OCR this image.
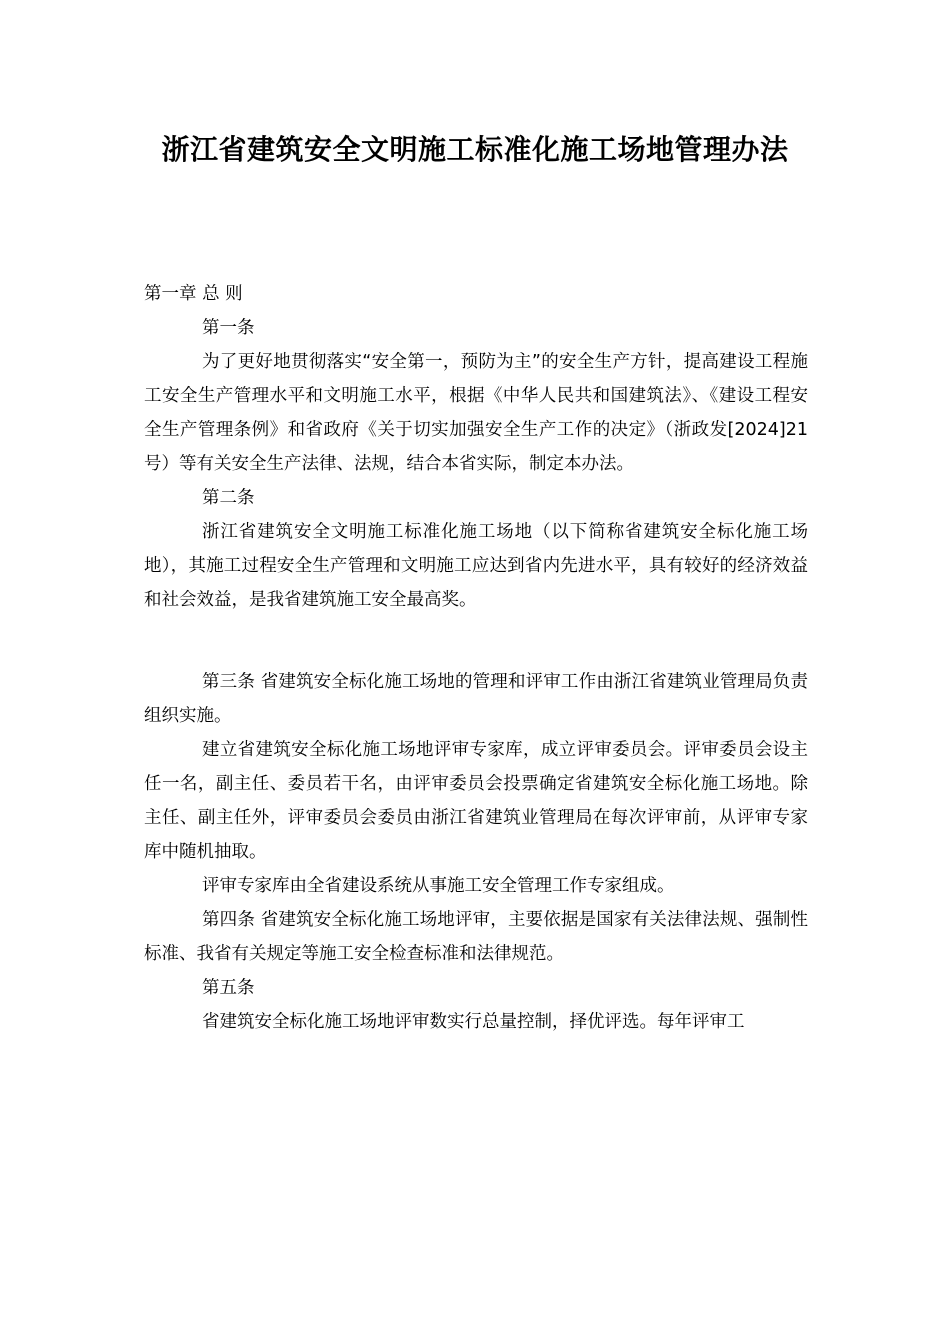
浙江省建筑安全文明施工标准化施工场地管理办法
第一章 总 则
第一条

为了更好地贯彻落实“安全第一，预防为主”的安全生产方针，提高建设工程施工安全生产管理水平和文明施工水平，根据《中华人民共和国建筑法》、《建设工程安全生产管理条例》和省政府《关于切实加强安全生产工作的决定》（浙政发[2024]21号）等有关安全生产法律、法规，结合本省实际，制定本办法。

第二条

浙江省建筑安全文明施工标准化施工场地（以下简称省建筑安全标化施工场地），其施工过程安全生产管理和文明施工应达到省内先进水平，具有较好的经济效益和社会效益，是我省建筑施工安全最高奖。

第三条 省建筑安全标化施工场地的管理和评审工作由浙江省建筑业管理局负责组织实施。

建立省建筑安全标化施工场地评审专家库，成立评审委员会。评审委员会设主任一名，副主任、委员若干名，由评审委员会投票确定省建筑安全标化施工场地。除主任、副主任外，评审委员会委员由浙江省建筑业管理局在每次评审前，从评审专家库中随机抽取。

评审专家库由全省建设系统从事施工安全管理工作专家组成。

第四条 省建筑安全标化施工场地评审，主要依据是国家有关法律法规、强制性标准、我省有关规定等施工安全检查标准和法律规范。

第五条

省建筑安全标化施工场地评审数实行总量控制，择优评选。每年评审工
